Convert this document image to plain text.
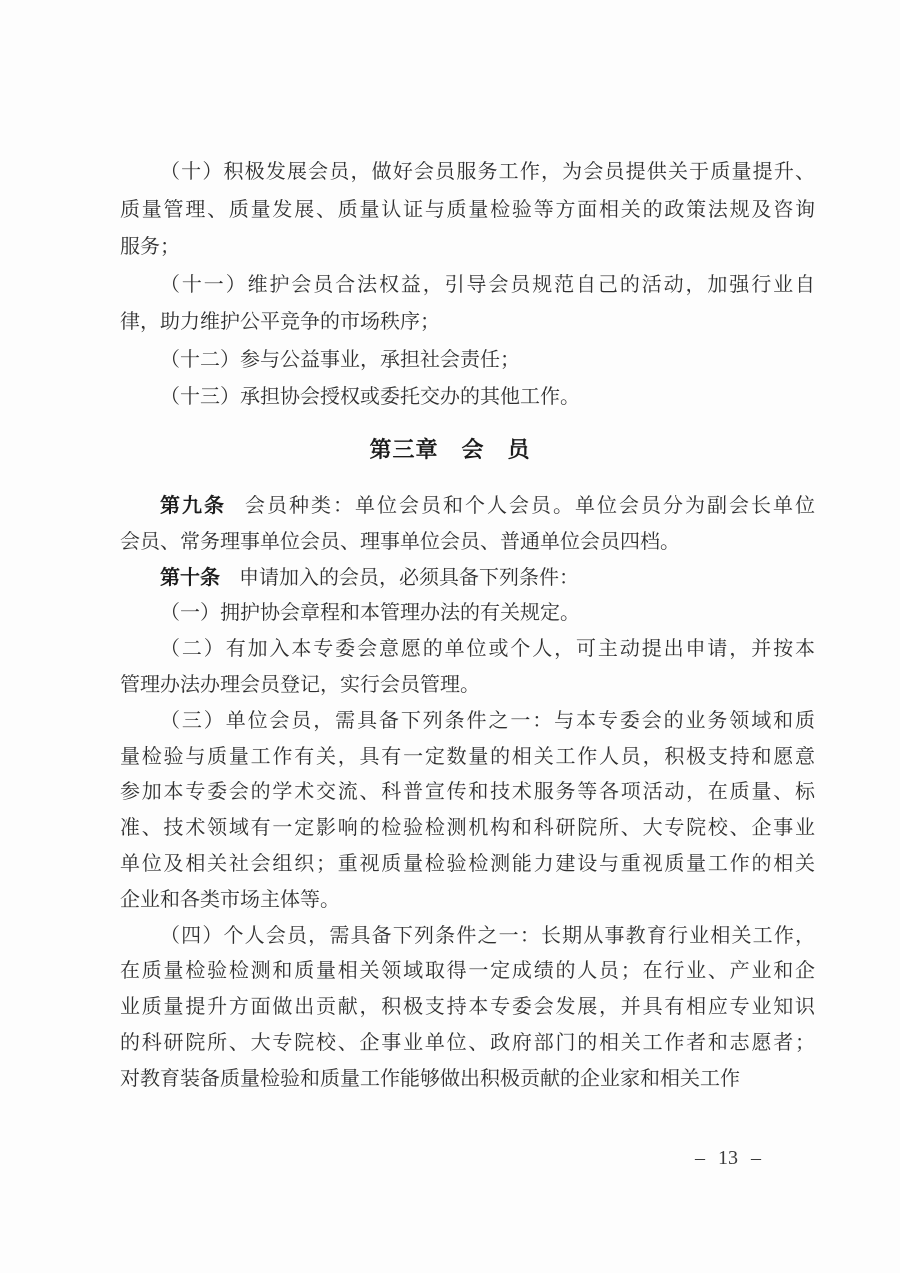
（十）积极发展会员，做好会员服务工作，为会员提供关于质量提升、
质量管理、质量发展、质量认证与质量检验等方面相关的政策法规及咨询
服务；
（十一）维护会员合法权益，引导会员规范自己的活动，加强行业自
律，助力维护公平竞争的市场秩序；
（十二）参与公益事业，承担社会责任；
（十三）承担协会授权或委托交办的其他工作。
第三章　会　员
第九条 会员种类：单位会员和个人会员。单位会员分为副会长单位
会员、常务理事单位会员、理事单位会员、普通单位会员四档。
第十条 申请加入的会员，必须具备下列条件：
（一）拥护协会章程和本管理办法的有关规定。
（二）有加入本专委会意愿的单位或个人，可主动提出申请，并按本
管理办法办理会员登记，实行会员管理。
（三）单位会员，需具备下列条件之一：与本专委会的业务领域和质
量检验与质量工作有关，具有一定数量的相关工作人员，积极支持和愿意
参加本专委会的学术交流、科普宣传和技术服务等各项活动，在质量、标
准、技术领域有一定影响的检验检测机构和科研院所、大专院校、企事业
单位及相关社会组织；重视质量检验检测能力建设与重视质量工作的相关
企业和各类市场主体等。
（四）个人会员，需具备下列条件之一：长期从事教育行业相关工作，
在质量检验检测和质量相关领域取得一定成绩的人员；在行业、产业和企
业质量提升方面做出贡献，积极支持本专委会发展，并具有相应专业知识
的科研院所、大专院校、企事业单位、政府部门的相关工作者和志愿者；
对教育装备质量检验和质量工作能够做出积极贡献的企业家和相关工作
– 13 –
